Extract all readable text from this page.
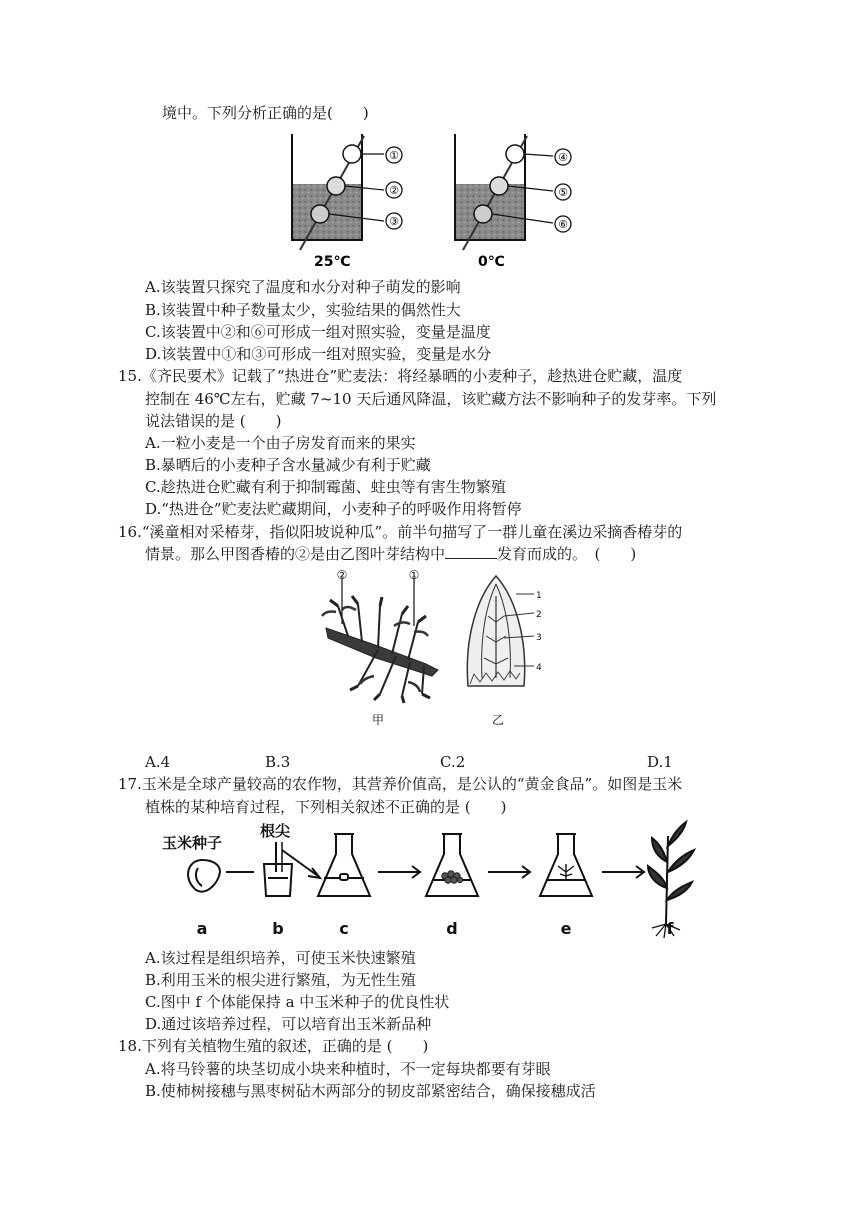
境中。下列分析正确的是(　　)
①
②
③
④
⑤
⑥
25℃	0℃
A.该装置只探究了温度和水分对种子萌发的影响
B.该装置中种子数量太少，实验结果的偶然性大
C.该装置中②和⑥可形成一组对照实验，变量是温度
D.该装置中①和③可形成一组对照实验，变量是水分
15.《齐民要术》记载了“热进仓”贮麦法：将经暴晒的小麦种子，趁热进仓贮藏，温度
控制在 46℃左右，贮藏 7~10 天后通风降温，该贮藏方法不影响种子的发芽率。下列
说法错误的是 (　　)
A.一粒小麦是一个由子房发育而来的果实
B.暴晒后的小麦种子含水量减少有利于贮藏
C.趁热进仓贮藏有利于抑制霉菌、蛀虫等有害生物繁殖
D.“热进仓”贮麦法贮藏期间，小麦种子的呼吸作用将暂停
16.“溪童相对采椿芽，指似阳坡说种瓜”。前半句描写了一群儿童在溪边采摘香椿芽的
情景。那么甲图香椿的②是由乙图叶芽结构中	发育而成的。　(　　)
②	①
甲
1
2
3
4
乙
A.4	B.3	C.2	D.1
17.玉米是全球产量较高的农作物，其营养价值高，是公认的“黄金食品”。如图是玉米
植株的某种培育过程，下列相关叙述不正确的是 (　　)
玉米种子
根尖
a	b	c	d	e	f
A.该过程是组织培养，可使玉米快速繁殖
B.利用玉米的根尖进行繁殖，为无性生殖
C.图中 f 个体能保持 a 中玉米种子的优良性状
D.通过该培养过程，可以培育出玉米新品种
18.下列有关植物生殖的叙述，正确的是 (　　)
A.将马铃薯的块茎切成小块来种植时，不一定每块都要有芽眼
B.使柿树接穗与黑枣树砧木两部分的韧皮部紧密结合，确保接穗成活
